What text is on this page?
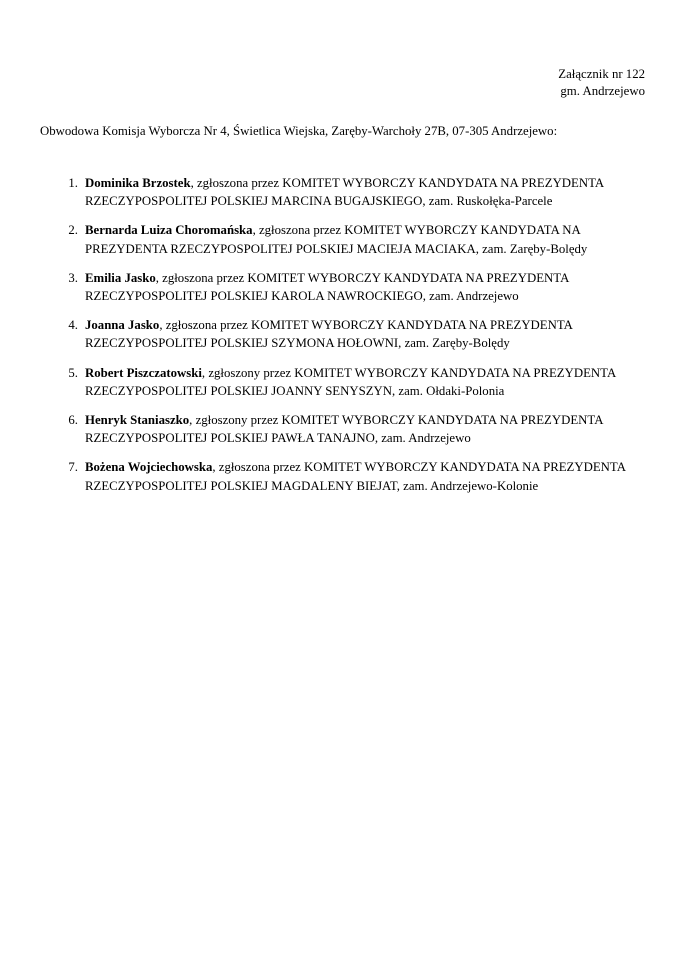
Załącznik nr 122
gm. Andrzejewo
Obwodowa Komisja Wyborcza Nr 4, Świetlica Wiejska, Zaręby-Warchoły 27B, 07-305 Andrzejewo:
1. Dominika Brzostek, zgłoszona przez KOMITET WYBORCZY KANDYDATA NA PREZYDENTA RZECZYPOSPOLITEJ POLSKIEJ MARCINA BUGAJSKIEGO, zam. Ruskołęka-Parcele
2. Bernarda Luiza Choromańska, zgłoszona przez KOMITET WYBORCZY KANDYDATA NA PREZYDENTA RZECZYPOSPOLITEJ POLSKIEJ MACIEJA MACIAKA, zam. Zaręby-Bolędy
3. Emilia Jasko, zgłoszona przez KOMITET WYBORCZY KANDYDATA NA PREZYDENTA RZECZYPOSPOLITEJ POLSKIEJ KAROLA NAWROCKIEGO, zam. Andrzejewo
4. Joanna Jasko, zgłoszona przez KOMITET WYBORCZY KANDYDATA NA PREZYDENTA RZECZYPOSPOLITEJ POLSKIEJ SZYMONA HOŁOWNI, zam. Zaręby-Bolędy
5. Robert Piszczatowski, zgłoszony przez KOMITET WYBORCZY KANDYDATA NA PREZYDENTA RZECZYPOSPOLITEJ POLSKIEJ JOANNY SENYSZYN, zam. Ołdaki-Polonia
6. Henryk Staniaszko, zgłoszony przez KOMITET WYBORCZY KANDYDATA NA PREZYDENTA RZECZYPOSPOLITEJ POLSKIEJ PAWŁA TANAJNO, zam. Andrzejewo
7. Bożena Wojciechowska, zgłoszona przez KOMITET WYBORCZY KANDYDATA NA PREZYDENTA RZECZYPOSPOLITEJ POLSKIEJ MAGDALENY BIEJAT, zam. Andrzejewo-Kolonie
